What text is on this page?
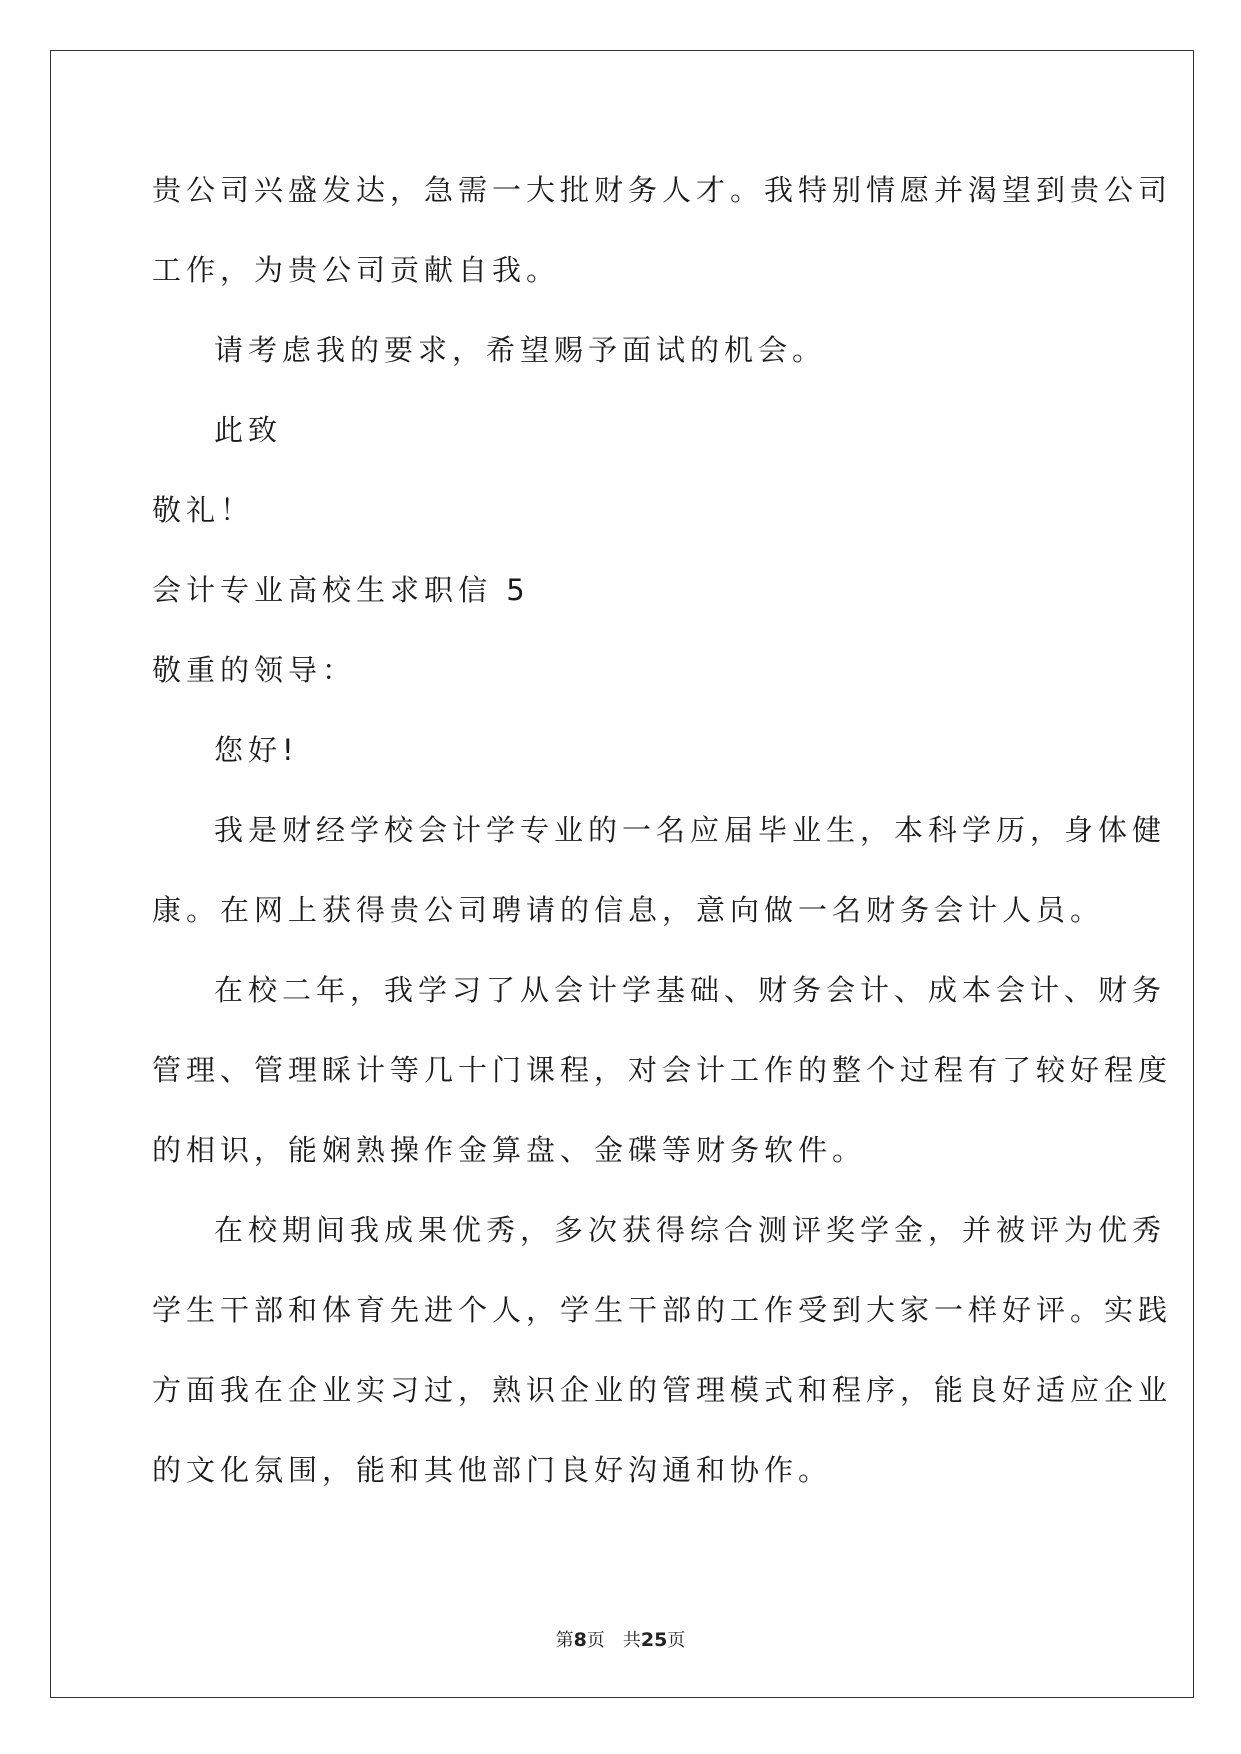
贵公司兴盛发达，急需一大批财务人才。我特别情愿并渴望到贵公司
工作，为贵公司贡献自我。
请考虑我的要求，希望赐予面试的机会。
此致
敬礼！
会计专业高校生求职信 5
敬重的领导：
您好!
我是财经学校会计学专业的一名应届毕业生，本科学历，身体健
康。在网上获得贵公司聘请的信息，意向做一名财务会计人员。
在校二年，我学习了从会计学基础、财务会计、成本会计、财务
管理、管理睬计等几十门课程，对会计工作的整个过程有了较好程度
的相识，能娴熟操作金算盘、金碟等财务软件。
在校期间我成果优秀，多次获得综合测评奖学金，并被评为优秀
学生干部和体育先进个人，学生干部的工作受到大家一样好评。实践
方面我在企业实习过，熟识企业的管理模式和程序，能良好适应企业
的文化氛围，能和其他部门良好沟通和协作。
第8页 共25页
